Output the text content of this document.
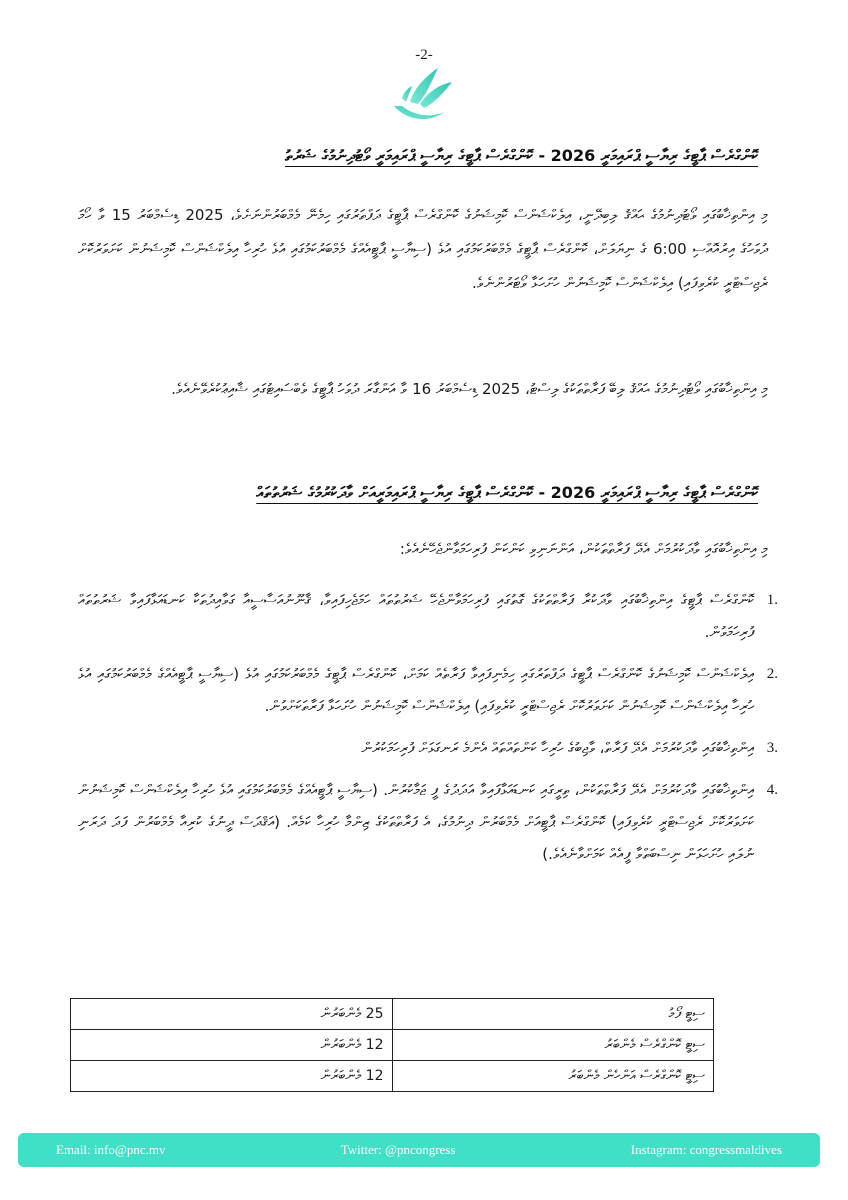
-2-
ކޮންގްރެސް ޕާޓީގެ ރިޔާސީ ޕްރައިމަރީ 2026 - ކޮންގްރެސް ޕާޓީގެ ރިޔާސީ ޕްރައިމަރީ ވޯޓުދިނުމުގެ ޝަރުތު

މި އިންތިޚާބުގައި ވޯޓުދިނުމުގެ ޙައްޤު ލިބިދޭނީ، އިލެކްޝަންސް ކޮމިޝަނުގެ ކޮންގްރެސް ޕާޓީގެ ދަފްތަރުގައި ހިމެނޭ މެމްބަރުންނަށެވެ، 2025 ޑިސެމްބަރު 15 ވާ ހޯމަ ދުވަހުގެ އިރުއޮއްސި 6:00 ގެ ނިޔަލަށް، ކޮންގްރެސް ޕާޓީގެ މެމްބަރުކަމުގައި އުޅެ (ސިޔާސީ ޕާޓީއެއްގެ މެމްބަރުކަމުގައި އުޅެ ހުރިހާ އިލެކްޝަންސް ކޮމިޝަނުން ކަށަވަރުކޮށް ރެޖިސްޓްރީ ކުރެވިފައި) އިލެކްޝަންސް ކޮމިޝަނުން ހުށަހަޅާ ވޯޓަރުންނެވެ.

މި އިންތިޚާބުގައި ވޯޓުދިނުމުގެ ޙައްޤު ލިބޭ ފަރާތްތަކުގެ ލިސްޓު، 2025 ޑިސެމްބަރު 16 ވާ އަންގާރަ ދުވަހު ޕާޓީގެ ވެބްސައިޓުގައި ޝާއިޢުކުރެވޭނެއެވެ.

ކޮންގްރެސް ޕާޓީގެ ރިޔާސީ ޕްރައިމަރީ 2026 - ކޮންގްރެސް ޕާޓީގެ ރިޔާސީ ޕްރައިމަރީއަށް ވާދަކުރުމުގެ ޝަރުތުތައް

މި އިންތިޚާބުގައި ވާދަކުރުމަށް އެދޭ ފަރާތްތަކުން، އަންނަނިވި ކަންކަން ފުރިހަމަވާންޖެހޭނެއެވެ:

1.
ކޮންގްރެސް ޕާޓީގެ އިންތިޚާބުގައި ވާދަކުރާ ފަރާތްތަކުގެ ގޮތުގައި ފުރިހަމަވާންޖެހޭ ޝަރުތުތައް ހަމަޖެހިފައިވާ، ޤާނޫނުއަސާސީއާ ގަވާއިދުތަކާ ކަނޑައަޅާފައިވާ ޝަރުތުތައް ފުރިހަމަވުން.
2.
އިލެކްޝަންސް ކޮމިޝަނުގެ ކޮންގްރެސް ޕާޓީގެ ދަފްތަރުގައި ހިމެނިފައިވާ ފަރާތެއް ކަމަށް، ކޮންގްރެސް ޕާޓީގެ މެމްބަރުކަމުގައި އުޅެ (ސިޔާސީ ޕާޓީއެއްގެ މެމްބަރުކަމުގައި އުޅެ ހުރިހާ އިލެކްޝަންސް ކޮމިޝަނުން ކަށަވަރުކޮށް ރެޖިސްޓްރީ ކުރެވިފައި) އިލެކްޝަންސް ކޮމިޝަނުން ހުށަހަޅާ ފަރާތަކަށްވުން.
3.
އިންތިޚާބުގައި ވާދަކުރުމަށް އެދޭ ފަރާތް، ވާޖިބުގެ ހުރިހާ ކަންތައްތައް އެންމެ ރަނގަޅަށް ފުރިހަމަކުރުން
4.
އިންތިޚާބުގައި ވާދަކުރުމަށް އެދޭ ފަރާތްތަކުން، ތިރީގައި ކަނޑައަޅާފައިވާ އަދަދުގެ ފީ ޖަމާކުރުން. (ސިޔާސީ ޕާޓީއެއްގެ މެމްބަރުކަމުގައި އުޅެ ހުރިހާ އިލެކްޝަންސް ކޮމިޝަނުން ކަށަވަރުކޮށް ރެޖިސްޓްރީ ކުރެވިފައި) ކޮންގްރެސް ޕާޓީއަށް މެމްބަރުން ދިނުމުގެ، އެ ފަރާތްތަކުގެ ޒިންމާ ހުރިހާ ކަމެއް. (އަޤްދަސް ދީނުގެ ކުރިއާ މެމްބަރުން ފަދަ ދަރަނި ނުލައި ހުށަހަޅަން ނިސްބަތްވާ ފީއެއް ކަމަށްވާނެއެވެ.)
ސިޓީ ފޯމު	25 މެންބަރުން
ސިޓީ ކޮންގްރެސް މެންބަރު	12 މެންބަރުން
ސިޓީ ކޮންގްރެސް އަންހެން މެންބަރު	12 މެންބަރުން
Email: info@pnc.mv	Twitter: @pncongress	Instagram: congressmaldives
